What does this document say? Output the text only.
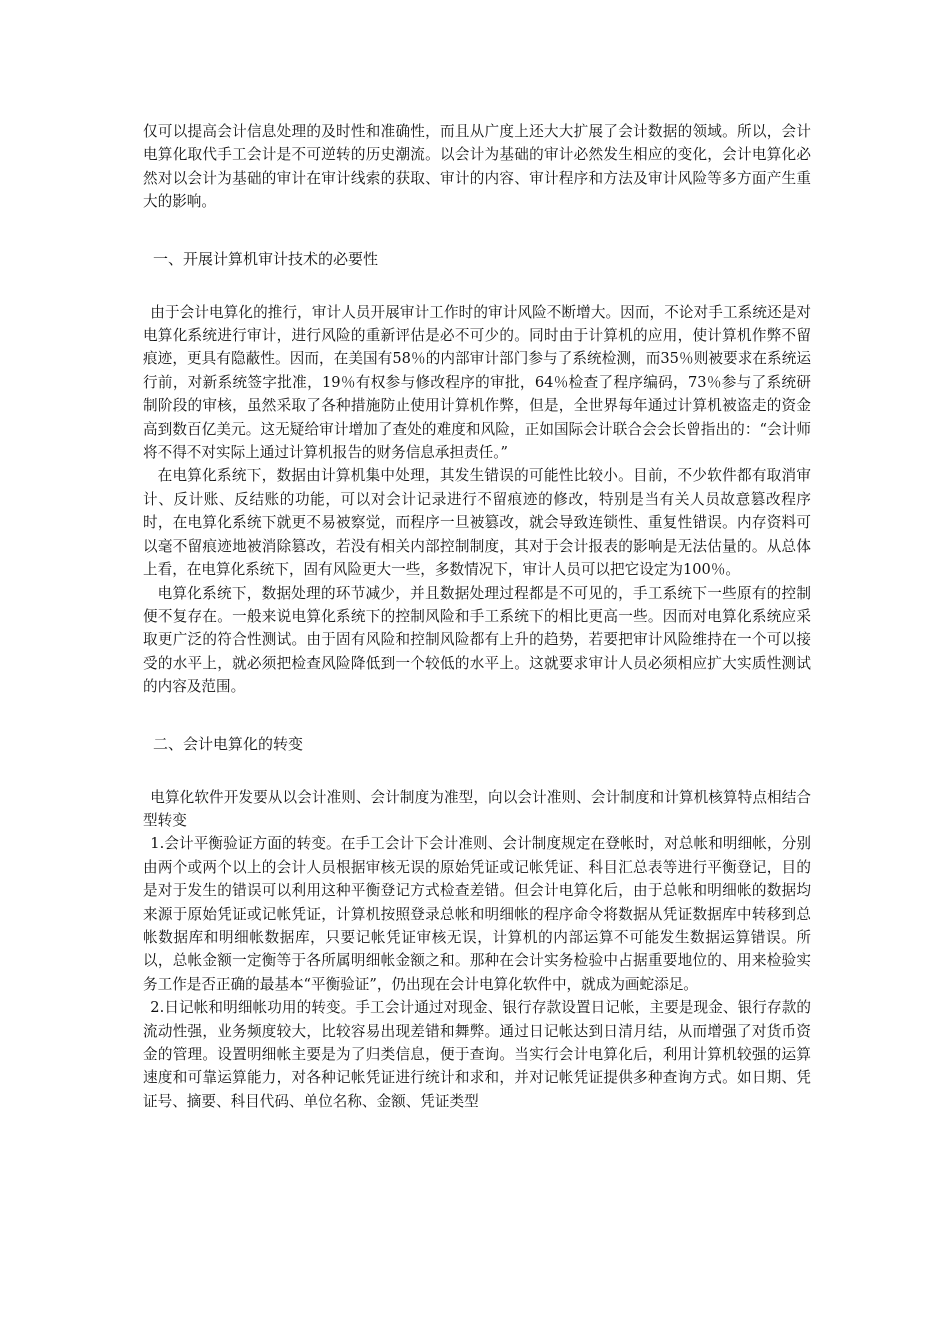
仅可以提高会计信息处理的及时性和准确性，而且从广度上还大大扩展了会计数据的领域。所以，会计电算化取代手工会计是不可逆转的历史潮流。以会计为基础的审计必然发生相应的变化，会计电算化必然对以会计为基础的审计在审计线索的获取、审计的内容、审计程序和方法及审计风险等多方面产生重大的影响。

一、开展计算机审计技术的必要性

由于会计电算化的推行，审计人员开展审计工作时的审计风险不断增大。因而，不论对手工系统还是对电算化系统进行审计，进行风险的重新评估是必不可少的。同时由于计算机的应用，使计算机作弊不留痕迹，更具有隐蔽性。因而，在美国有58％的内部审计部门参与了系统检测，而35％则被要求在系统运行前，对新系统签字批准，19％有权参与修改程序的审批，64％检查了程序编码，73％参与了系统研制阶段的审核，虽然采取了各种措施防止使用计算机作弊，但是，全世界每年通过计算机被盗走的资金高到数百亿美元。这无疑给审计增加了查处的难度和风险，正如国际会计联合会会长曾指出的：“会计师将不得不对实际上通过计算机报告的财务信息承担责任。”

在电算化系统下，数据由计算机集中处理，其发生错误的可能性比较小。目前，不少软件都有取消审计、反计账、反结账的功能，可以对会计记录进行不留痕迹的修改，特别是当有关人员故意篡改程序时，在电算化系统下就更不易被察觉，而程序一旦被篡改，就会导致连锁性、重复性错误。内存资料可以毫不留痕迹地被消除篡改，若没有相关内部控制制度，其对于会计报表的影响是无法估量的。从总体上看，在电算化系统下，固有风险更大一些，多数情况下，审计人员可以把它设定为100％。

电算化系统下，数据处理的环节减少，并且数据处理过程都是不可见的，手工系统下一些原有的控制便不复存在。一般来说电算化系统下的控制风险和手工系统下的相比更高一些。因而对电算化系统应采取更广泛的符合性测试。由于固有风险和控制风险都有上升的趋势，若要把审计风险维持在一个可以接受的水平上，就必须把检查风险降低到一个较低的水平上。这就要求审计人员必须相应扩大实质性测试的内容及范围。

二、会计电算化的转变

电算化软件开发要从以会计准则、会计制度为准型，向以会计准则、会计制度和计算机核算特点相结合型转变

1.会计平衡验证方面的转变。在手工会计下会计准则、会计制度规定在登帐时，对总帐和明细帐，分别由两个或两个以上的会计人员根据审核无误的原始凭证或记帐凭证、科目汇总表等进行平衡登记，目的是对于发生的错误可以利用这种平衡登记方式检查差错。但会计电算化后，由于总帐和明细帐的数据均来源于原始凭证或记帐凭证，计算机按照登录总帐和明细帐的程序命令将数据从凭证数据库中转移到总帐数据库和明细帐数据库，只要记帐凭证审核无误，计算机的内部运算不可能发生数据运算错误。所以，总帐金额一定衡等于各所属明细帐金额之和。那种在会计实务检验中占据重要地位的、用来检验实务工作是否正确的最基本“平衡验证”，仍出现在会计电算化软件中，就成为画蛇添足。

2.日记帐和明细帐功用的转变。手工会计通过对现金、银行存款设置日记帐，主要是现金、银行存款的流动性强，业务频度较大，比较容易出现差错和舞弊。通过日记帐达到日清月结，从而增强了对货币资金的管理。设置明细帐主要是为了归类信息，便于查询。当实行会计电算化后，利用计算机较强的运算速度和可靠运算能力，对各种记帐凭证进行统计和求和，并对记帐凭证提供多种查询方式。如日期、凭证号、摘要、科目代码、单位名称、金额、凭证类型
